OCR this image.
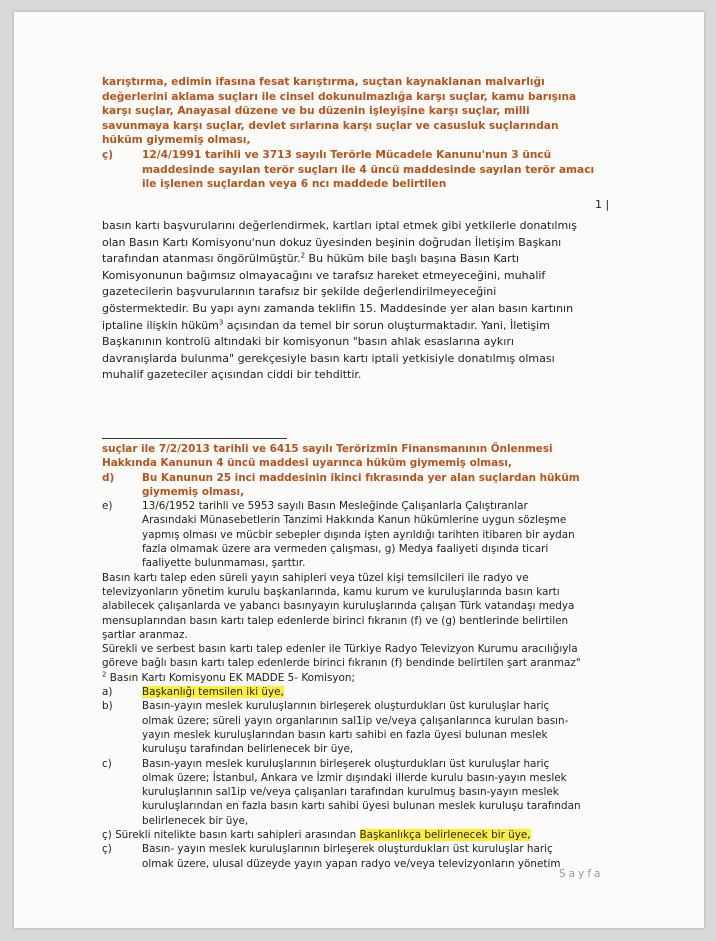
karıştırma, edimin ifasına fesat karıştırma, suçtan kaynaklanan malvarlığı
değerlerini aklama suçları ile cinsel dokunulmazlığa karşı suçlar, kamu barışına
karşı suçlar, Anayasal düzene ve bu düzenin işleyişine karşı suçlar, milli
savunmaya karşı suçlar, devlet sırlarına karşı suçlar ve casusluk suçlarından
hüküm giymemiş olması,
ç)	12/4/1991 tarihli ve 3713 sayılı Terörle Mücadele Kanunu'nun 3 üncü
maddesinde sayılan terör suçları ile 4 üncü maddesinde sayılan terör amacı
ile işlenen suçlardan veya 6 ncı maddede belirtilen
1 |
basın kartı başvurularını değerlendirmek, kartları iptal etmek gibi yetkilerle donatılmış
olan Basın Kartı Komisyonu'nun dokuz üyesinden beşinin doğrudan İletişim Başkanı
tarafından atanması öngörülmüştür.$^2$ Bu hüküm bile başlı başına Basın Kartı
Komisyonunun bağımsız olmayacağını ve tarafsız hareket etmeyeceğini, muhalif
gazetecilerin başvurularının tarafsız bir şekilde değerlendirilmeyeceğini
göstermektedir. Bu yapı aynı zamanda teklifin 15. Maddesinde yer alan basın kartının
iptaline ilişkin hüküm$^3$ açısından da temel bir sorun oluşturmaktadır. Yani, İletişim
Başkanının kontrolü altındaki bir komisyonun "basın ahlak esaslarına aykırı
davranışlarda bulunma" gerekçesiyle basın kartı iptali yetkisiyle donatılmış olması
muhalif gazeteciler açısından ciddi bir tehdittir.
suçlar ile 7/2/2013 tarihli ve 6415 sayılı Terörizmin Finansmanının Önlenmesi
Hakkında Kanunun 4 üncü maddesi uyarınca hüküm giymemiş olması,
d)	Bu Kanunun 25 inci maddesinin ikinci fıkrasında yer alan suçlardan hüküm
giymemiş olması,
e)	13/6/1952 tarihli ve 5953 sayılı Basın Mesleğinde Çalışanlarla Çalıştıranlar
Arasındaki Münasebetlerin Tanzimi Hakkında Kanun hükümlerine uygun sözleşme
yapmış olması ve mücbir sebepler dışında işten ayrıldığı tarihten itibaren bir aydan
fazla olmamak üzere ara vermeden çalışması, g) Medya faaliyeti dışında ticari
faaliyette bulunmaması, şarttır.
Basın kartı talep eden süreli yayın sahipleri veya tüzel kişi temsilcileri ile radyo ve
televizyonların yönetim kurulu başkanlarında, kamu kurum ve kuruluşlarında basın kartı
alabilecek çalışanlarda ve yabancı basınyayın kuruluşlarında çalışan Türk vatandaşı medya
mensuplarından basın kartı talep edenlerde birinci fıkranın (f) ve (g) bentlerinde belirtilen
şartlar aranmaz.
Sürekli ve serbest basın kartı talep edenler ile Türkiye Radyo Televizyon Kurumu aracılığıyla
göreve bağlı basın kartı talep edenlerde birinci fıkranın (f) bendinde belirtilen şart aranmaz"
$^2$ Basın Kartı Komisyonu EK MADDE 5- Komisyon;
a)	Başkanlığı temsilen iki üye,
b)	Basın-yayın meslek kuruluşlarının birleşerek oluşturdukları üst kuruluşlar hariç
olmak üzere; süreli yayın organlarının sal1ip ve/veya çalışanlarınca kurulan basın-
yayın meslek kuruluşlarından basın kartı sahibi en fazla üyesi bulunan meslek
kuruluşu tarafından belirlenecek bir üye,
c)	Basın-yayın meslek kuruluşlarının birleşerek oluşturdukları üst kuruluşlar hariç
olmak üzere; İstanbul, Ankara ve İzmir dışındaki illerde kurulu basın-yayın meslek
kuruluşlarının sal1ip ve/veya çalışanları tarafından kurulmuş basın-yayın meslek
kuruluşlarından en fazla basın kartı sahibi üyesi bulunan meslek kuruluşu tarafından
belirlenecek bir üye,
ç) Sürekli nitelikte basın kartı sahipleri arasından Başkanlıkça belirlenecek bir üye,
ç)	Basın- yayın meslek kuruluşlarının birleşerek oluşturdukları üst kuruluşlar hariç
olmak üzere, ulusal düzeyde yayın yapan radyo ve/veya televizyonların yönetim
Sayfa
